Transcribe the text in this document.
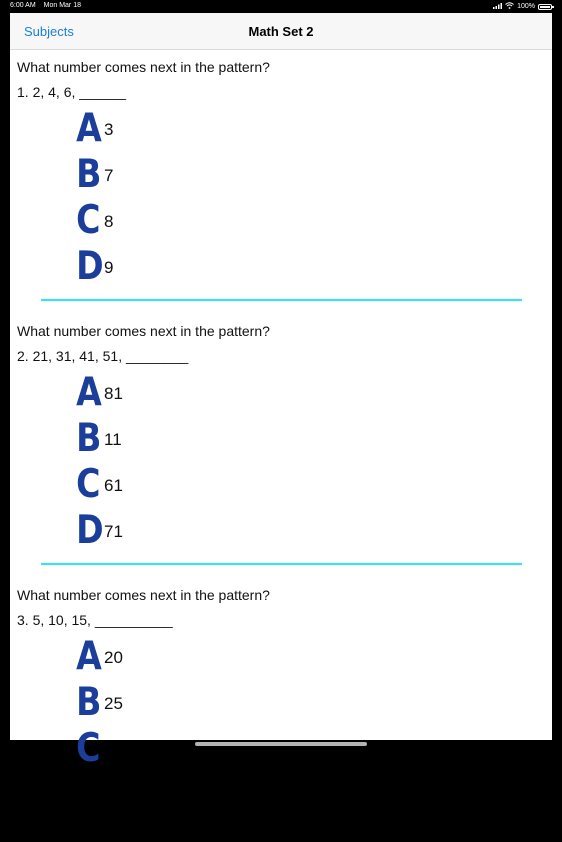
6:00 AM Mon Mar 18	100%
Subjects	Math Set 2
What number comes next in the pattern?
1. 2, 4, 6, ______
A 3
B 7
C 8
D 9
What number comes next in the pattern?
2. 21, 31, 41, 51, ________
A 81
B 11
C 61
D 71
What number comes next in the pattern?
3. 5, 10, 15, __________
A 20
B 25
C
